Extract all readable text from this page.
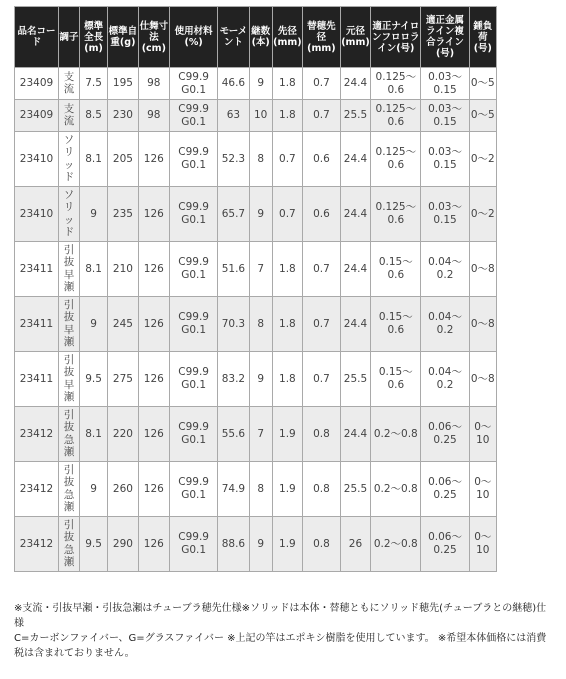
品名コード	調子	標準全長(m)	標準自重(g)	仕舞寸法(cm)	使用材料(%)	モーメント	継数(本)	先径(mm)	替穂先径(mm)	元径(mm)	適正ナイロンフロロライン(号)	適正金属ライン複合ライン(号)	錘負荷(号)
23409	支流	7.5	195	98	C99.9 G0.1	46.6	9	1.8	0.7	24.4	0.125〜0.6	0.03〜0.15	0〜5
23409	支流	8.5	230	98	C99.9 G0.1	63	10	1.8	0.7	25.5	0.125〜0.6	0.03〜0.15	0〜5
23410	ソリッド	8.1	205	126	C99.9 G0.1	52.3	8	0.7	0.6	24.4	0.125〜0.6	0.03〜0.15	0〜2
23410	ソリッド	9	235	126	C99.9 G0.1	65.7	9	0.7	0.6	24.4	0.125〜0.6	0.03〜0.15	0〜2
23411	引抜早瀬	8.1	210	126	C99.9 G0.1	51.6	7	1.8	0.7	24.4	0.15〜0.6	0.04〜0.2	0〜8
23411	引抜早瀬	9	245	126	C99.9 G0.1	70.3	8	1.8	0.7	24.4	0.15〜0.6	0.04〜0.2	0〜8
23411	引抜早瀬	9.5	275	126	C99.9 G0.1	83.2	9	1.8	0.7	25.5	0.15〜0.6	0.04〜0.2	0〜8
23412	引抜急瀬	8.1	220	126	C99.9 G0.1	55.6	7	1.9	0.8	24.4	0.2〜0.8	0.06〜0.25	0〜10
23412	引抜急瀬	9	260	126	C99.9 G0.1	74.9	8	1.9	0.8	25.5	0.2〜0.8	0.06〜0.25	0〜10
23412	引抜急瀬	9.5	290	126	C99.9 G0.1	88.6	9	1.9	0.8	26	0.2〜0.8	0.06〜0.25	0〜10

※支流・引抜早瀬・引抜急瀬はチューブラ穂先仕様※ソリッドは本体・替穂ともにソリッド穂先(チューブラとの継穂)仕様

C=カーボンファイバー、G=グラスファイバー ※上記の竿はエポキシ樹脂を使用しています。 ※希望本体価格には消費税は含まれておりません。
